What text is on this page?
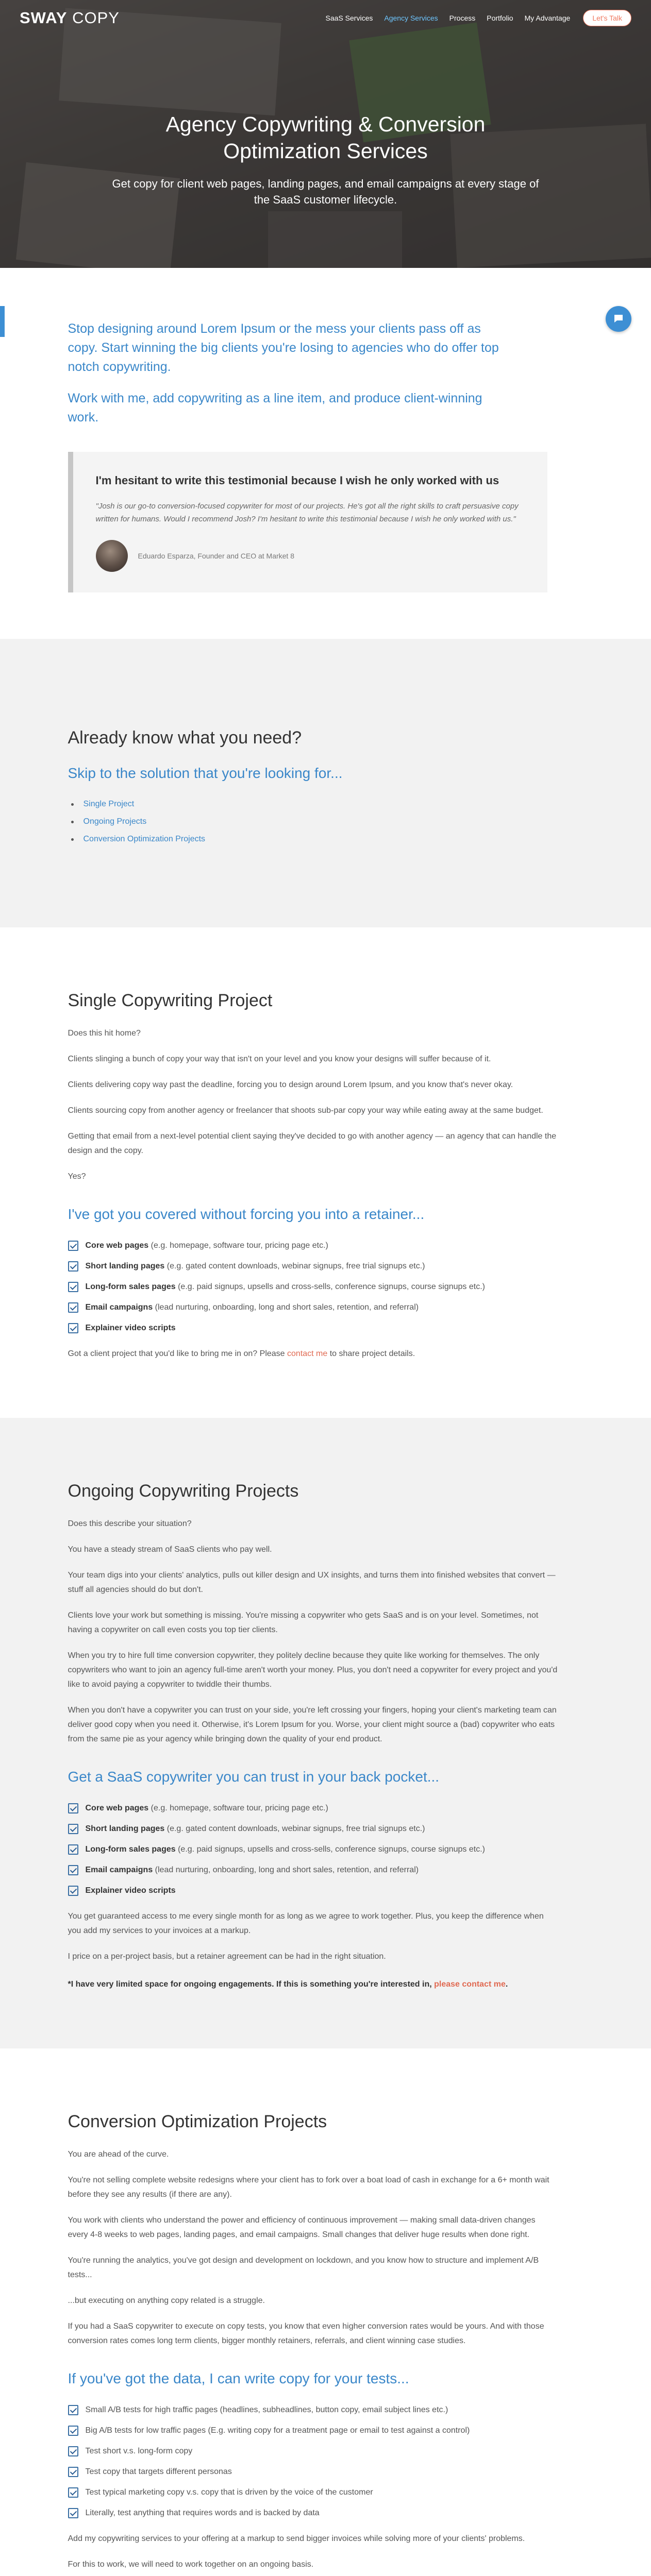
SWAY COPY	SaaS Services	Agency Services	Process	Portfolio	My Advantage	Let's Talk
Agency Copywriting & Conversion Optimization Services

Get copy for client web pages, landing pages, and email campaigns at every stage of the SaaS customer lifecycle.

Stop designing around Lorem Ipsum or the mess your clients pass off as copy. Start winning the big clients you're losing to agencies who do offer top notch copywriting.

Work with me, add copywriting as a line item, and produce client-winning work.

I'm hesitant to write this testimonial because I wish he only worked with us

"Josh is our go-to conversion-focused copywriter for most of our projects. He's got all the right skills to craft persuasive copy written for humans. Would I recommend Josh? I'm hesitant to write this testimonial because I wish he only worked with us."

Eduardo Esparza, Founder and CEO at Market 8
Already know what you need?

Skip to the solution that you're looking for...

Single Project
Ongoing Projects
Conversion Optimization Projects
Single Copywriting Project

Does this hit home?

Clients slinging a bunch of copy your way that isn't on your level and you know your designs will suffer because of it.

Clients delivering copy way past the deadline, forcing you to design around Lorem Ipsum, and you know that's never okay.

Clients sourcing copy from another agency or freelancer that shoots sub-par copy your way while eating away at the same budget.

Getting that email from a next-level potential client saying they've decided to go with another agency — an agency that can handle the design and the copy.

Yes?

I've got you covered without forcing you into a retainer...

Core web pages (e.g. homepage, software tour, pricing page etc.)
Short landing pages (e.g. gated content downloads, webinar signups, free trial signups etc.)
Long-form sales pages (e.g. paid signups, upsells and cross-sells, conference signups, course signups etc.)
Email campaigns (lead nurturing, onboarding, long and short sales, retention, and referral)
Explainer video scripts

Got a client project that you'd like to bring me in on? Please contact me to share project details.

Ongoing Copywriting Projects

Does this describe your situation?

You have a steady stream of SaaS clients who pay well.

Your team digs into your clients' analytics, pulls out killer design and UX insights, and turns them into finished websites that convert — stuff all agencies should do but don't.

Clients love your work but something is missing. You're missing a copywriter who gets SaaS and is on your level. Sometimes, not having a copywriter on call even costs you top tier clients.

When you try to hire full time conversion copywriter, they politely decline because they quite like working for themselves. The only copywriters who want to join an agency full-time aren't worth your money. Plus, you don't need a copywriter for every project and you'd like to avoid paying a copywriter to twiddle their thumbs.

When you don't have a copywriter you can trust on your side, you're left crossing your fingers, hoping your client's marketing team can deliver good copy when you need it. Otherwise, it's Lorem Ipsum for you. Worse, your client might source a (bad) copywriter who eats from the same pie as your agency while bringing down the quality of your end product.

Get a SaaS copywriter you can trust in your back pocket...

Core web pages (e.g. homepage, software tour, pricing page etc.)
Short landing pages (e.g. gated content downloads, webinar signups, free trial signups etc.)
Long-form sales pages (e.g. paid signups, upsells and cross-sells, conference signups, course signups etc.)
Email campaigns (lead nurturing, onboarding, long and short sales, retention, and referral)
Explainer video scripts

You get guaranteed access to me every single month for as long as we agree to work together. Plus, you keep the difference when you add my services to your invoices at a markup.

I price on a per-project basis, but a retainer agreement can be had in the right situation.

*I have very limited space for ongoing engagements. If this is something you're interested in, please contact me.

Conversion Optimization Projects

You are ahead of the curve.

You're not selling complete website redesigns where your client has to fork over a boat load of cash in exchange for a 6+ month wait before they see any results (if there are any).

You work with clients who understand the power and efficiency of continuous improvement — making small data-driven changes every 4-8 weeks to web pages, landing pages, and email campaigns. Small changes that deliver huge results when done right.

You're running the analytics, you've got design and development on lockdown, and you know how to structure and implement A/B tests...

...but executing on anything copy related is a struggle.

If you had a SaaS copywriter to execute on copy tests, you know that even higher conversion rates would be yours. And with those conversion rates comes long term clients, bigger monthly retainers, referrals, and client winning case studies.

If you've got the data, I can write copy for your tests...

Small A/B tests for high traffic pages (headlines, subheadlines, button copy, email subject lines etc.)
Big A/B tests for low traffic pages (E.g. writing copy for a treatment page or email to test against a control)
Test short v.s. long-form copy
Test copy that targets different personas
Test typical marketing copy v.s. copy that is driven by the voice of the customer
Literally, test anything that requires words and is backed by data

Add my copywriting services to your offering at a markup to send bigger invoices while solving more of your clients' problems.

For this to work, we will need to work together on an ongoing basis.
